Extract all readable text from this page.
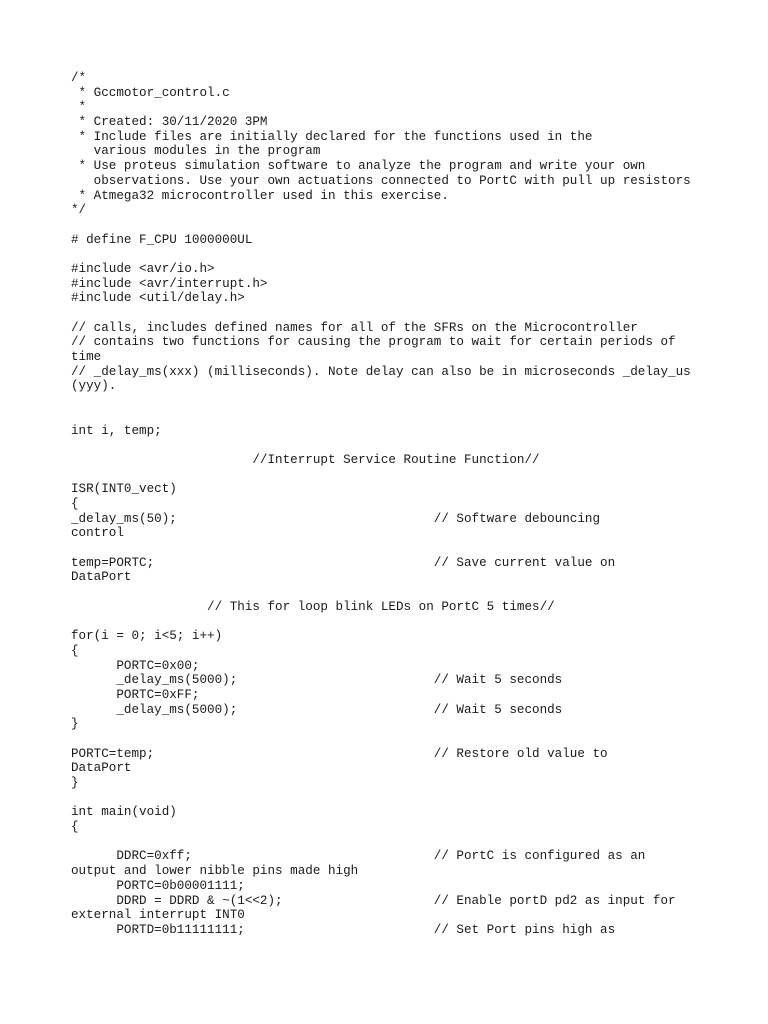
/*
* Gccmotor_control.c
*
* Created: 30/11/2020 3PM
* Include files are initially declared for the functions used in the
various modules in the program
* Use proteus simulation software to analyze the program and write your own
observations. Use your own actuations connected to PortC with pull up resistors
* Atmega32 microcontroller used in this exercise.
*/
# define F_CPU 1000000UL
#include <avr/io.h>
#include <avr/interrupt.h>
#include <util/delay.h>
// calls, includes defined names for all of the SFRs on the Microcontroller
// contains two functions for causing the program to wait for certain periods of
time
// _delay_ms(xxx) (milliseconds). Note delay can also be in microseconds _delay_us
(yyy).
int i, temp;
//Interrupt Service Routine Function//
ISR(INT0_vect)
{
_delay_ms(50);                                  // Software debouncing
control
temp=PORTC;                                     // Save current value on
DataPort
// This for loop blink LEDs on PortC 5 times//
for(i = 0; i<5; i++)
{
PORTC=0x00;
_delay_ms(5000);                          // Wait 5 seconds
PORTC=0xFF;
_delay_ms(5000);                          // Wait 5 seconds
}
PORTC=temp;                                     // Restore old value to
DataPort
}
int main(void)
{
DDRC=0xff;                                // PortC is configured as an
output and lower nibble pins made high
PORTC=0b00001111;
DDRD = DDRD & ~(1<<2);                    // Enable portD pd2 as input for
external interrupt INT0
PORTD=0b11111111;                         // Set Port pins high as
